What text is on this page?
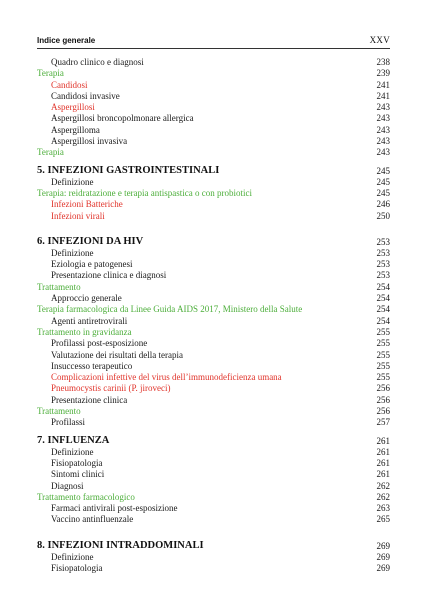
Indice generale	XXV
Quadro clinico e diagnosi	238
Terapia	239
Candidosi	241
Candidosi invasive	241
Aspergillosi	243
Aspergillosi broncopolmonare allergica	243
Aspergilloma	243
Aspergillosi invasiva	243
Terapia	243
5. INFEZIONI GASTROINTESTINALI	245
Definizione	245
Terapia: reidratazione e terapia antispastica o con probiotici	245
Infezioni Batteriche	246
Infezioni virali	250
6. INFEZIONI DA HIV	253
Definizione	253
Eziologia e patogenesi	253
Presentazione clinica e diagnosi	253
Trattamento	254
Approccio generale	254
Terapia farmacologica da Linee Guida AIDS 2017, Ministero della Salute	254
Agenti antiretrovirali	254
Trattamento in gravidanza	255
Profilassi post-esposizione	255
Valutazione dei risultati della terapia	255
Insuccesso terapeutico	255
Complicazioni infettive del virus dell’immunodeficienza umana	255
Pneumocystis carinii (P. jiroveci)	256
Presentazione clinica	256
Trattamento	256
Profilassi	257
7. INFLUENZA	261
Definizione	261
Fisiopatologia	261
Sintomi clinici	261
Diagnosi	262
Trattamento farmacologico	262
Farmaci antivirali post-esposizione	263
Vaccino antinfluenzale	265
8. INFEZIONI INTRADDOMINALI	269
Definizione	269
Fisiopatologia	269
